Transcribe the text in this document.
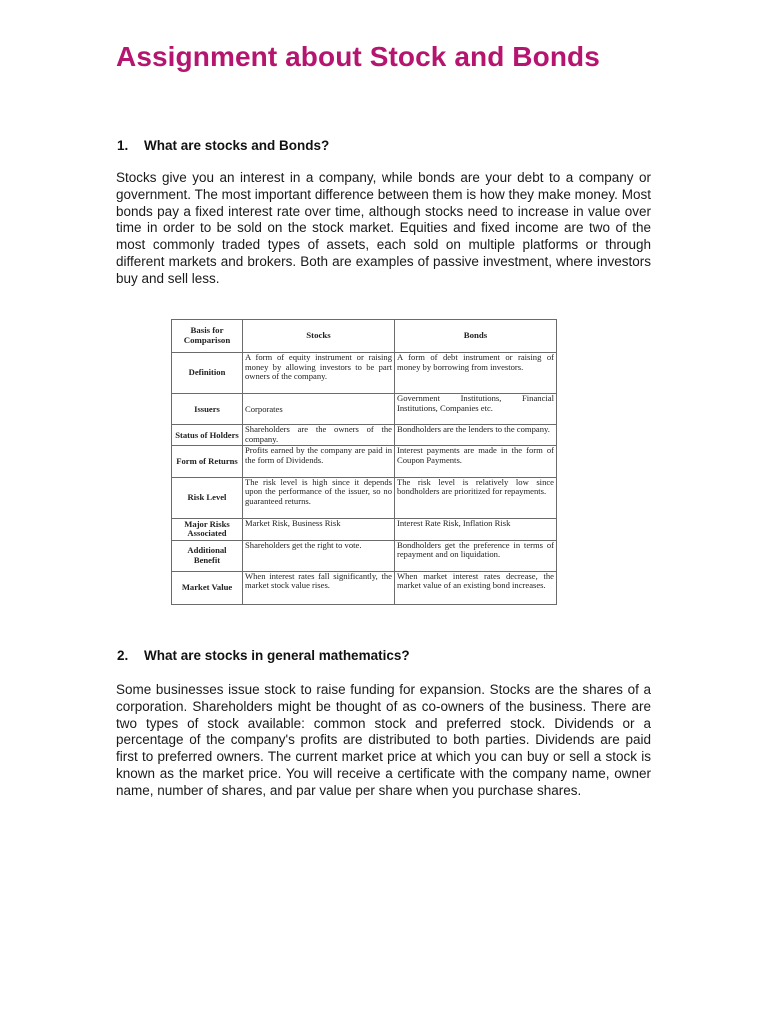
Assignment about Stock and Bonds
1. What are stocks and Bonds?

Stocks give you an interest in a company, while bonds are your debt to a company or government. The most important difference between them is how they make money. Most bonds pay a fixed interest rate over time, although stocks need to increase in value over time in order to be sold on the stock market. Equities and fixed income are two of the most commonly traded types of assets, each sold on multiple platforms or through different markets and brokers. Both are examples of passive investment, where investors buy and sell less.

Basis for Comparison	Stocks	Bonds
Definition	A form of equity instrument or raising money by allowing investors to be part owners of the company.	A form of debt instrument or raising of money by borrowing from investors.
Issuers	Corporates	Government Institutions, Financial Institutions, Companies etc.
Status of Holders	Shareholders are the owners of the company.	Bondholders are the lenders to the company.
Form of Returns	Profits earned by the company are paid in the form of Dividends.	Interest payments are made in the form of Coupon Payments.
Risk Level	The risk level is high since it depends upon the performance of the issuer, so no guaranteed returns.	The risk level is relatively low since bondholders are prioritized for repayments.
Major Risks Associated	Market Risk, Business Risk	Interest Rate Risk, Inflation Risk
Additional Benefit	Shareholders get the right to vote.	Bondholders get the preference in terms of repayment and on liquidation.
Market Value	When interest rates fall significantly, the market stock value rises.	When market interest rates decrease, the market value of an existing bond increases.
2. What are stocks in general mathematics?

Some businesses issue stock to raise funding for expansion. Stocks are the shares of a corporation. Shareholders might be thought of as co-owners of the business. There are two types of stock available: common stock and preferred stock. Dividends or a percentage of the company's profits are distributed to both parties. Dividends are paid first to preferred owners. The current market price at which you can buy or sell a stock is known as the market price. You will receive a certificate with the company name, owner name, number of shares, and par value per share when you purchase shares.
